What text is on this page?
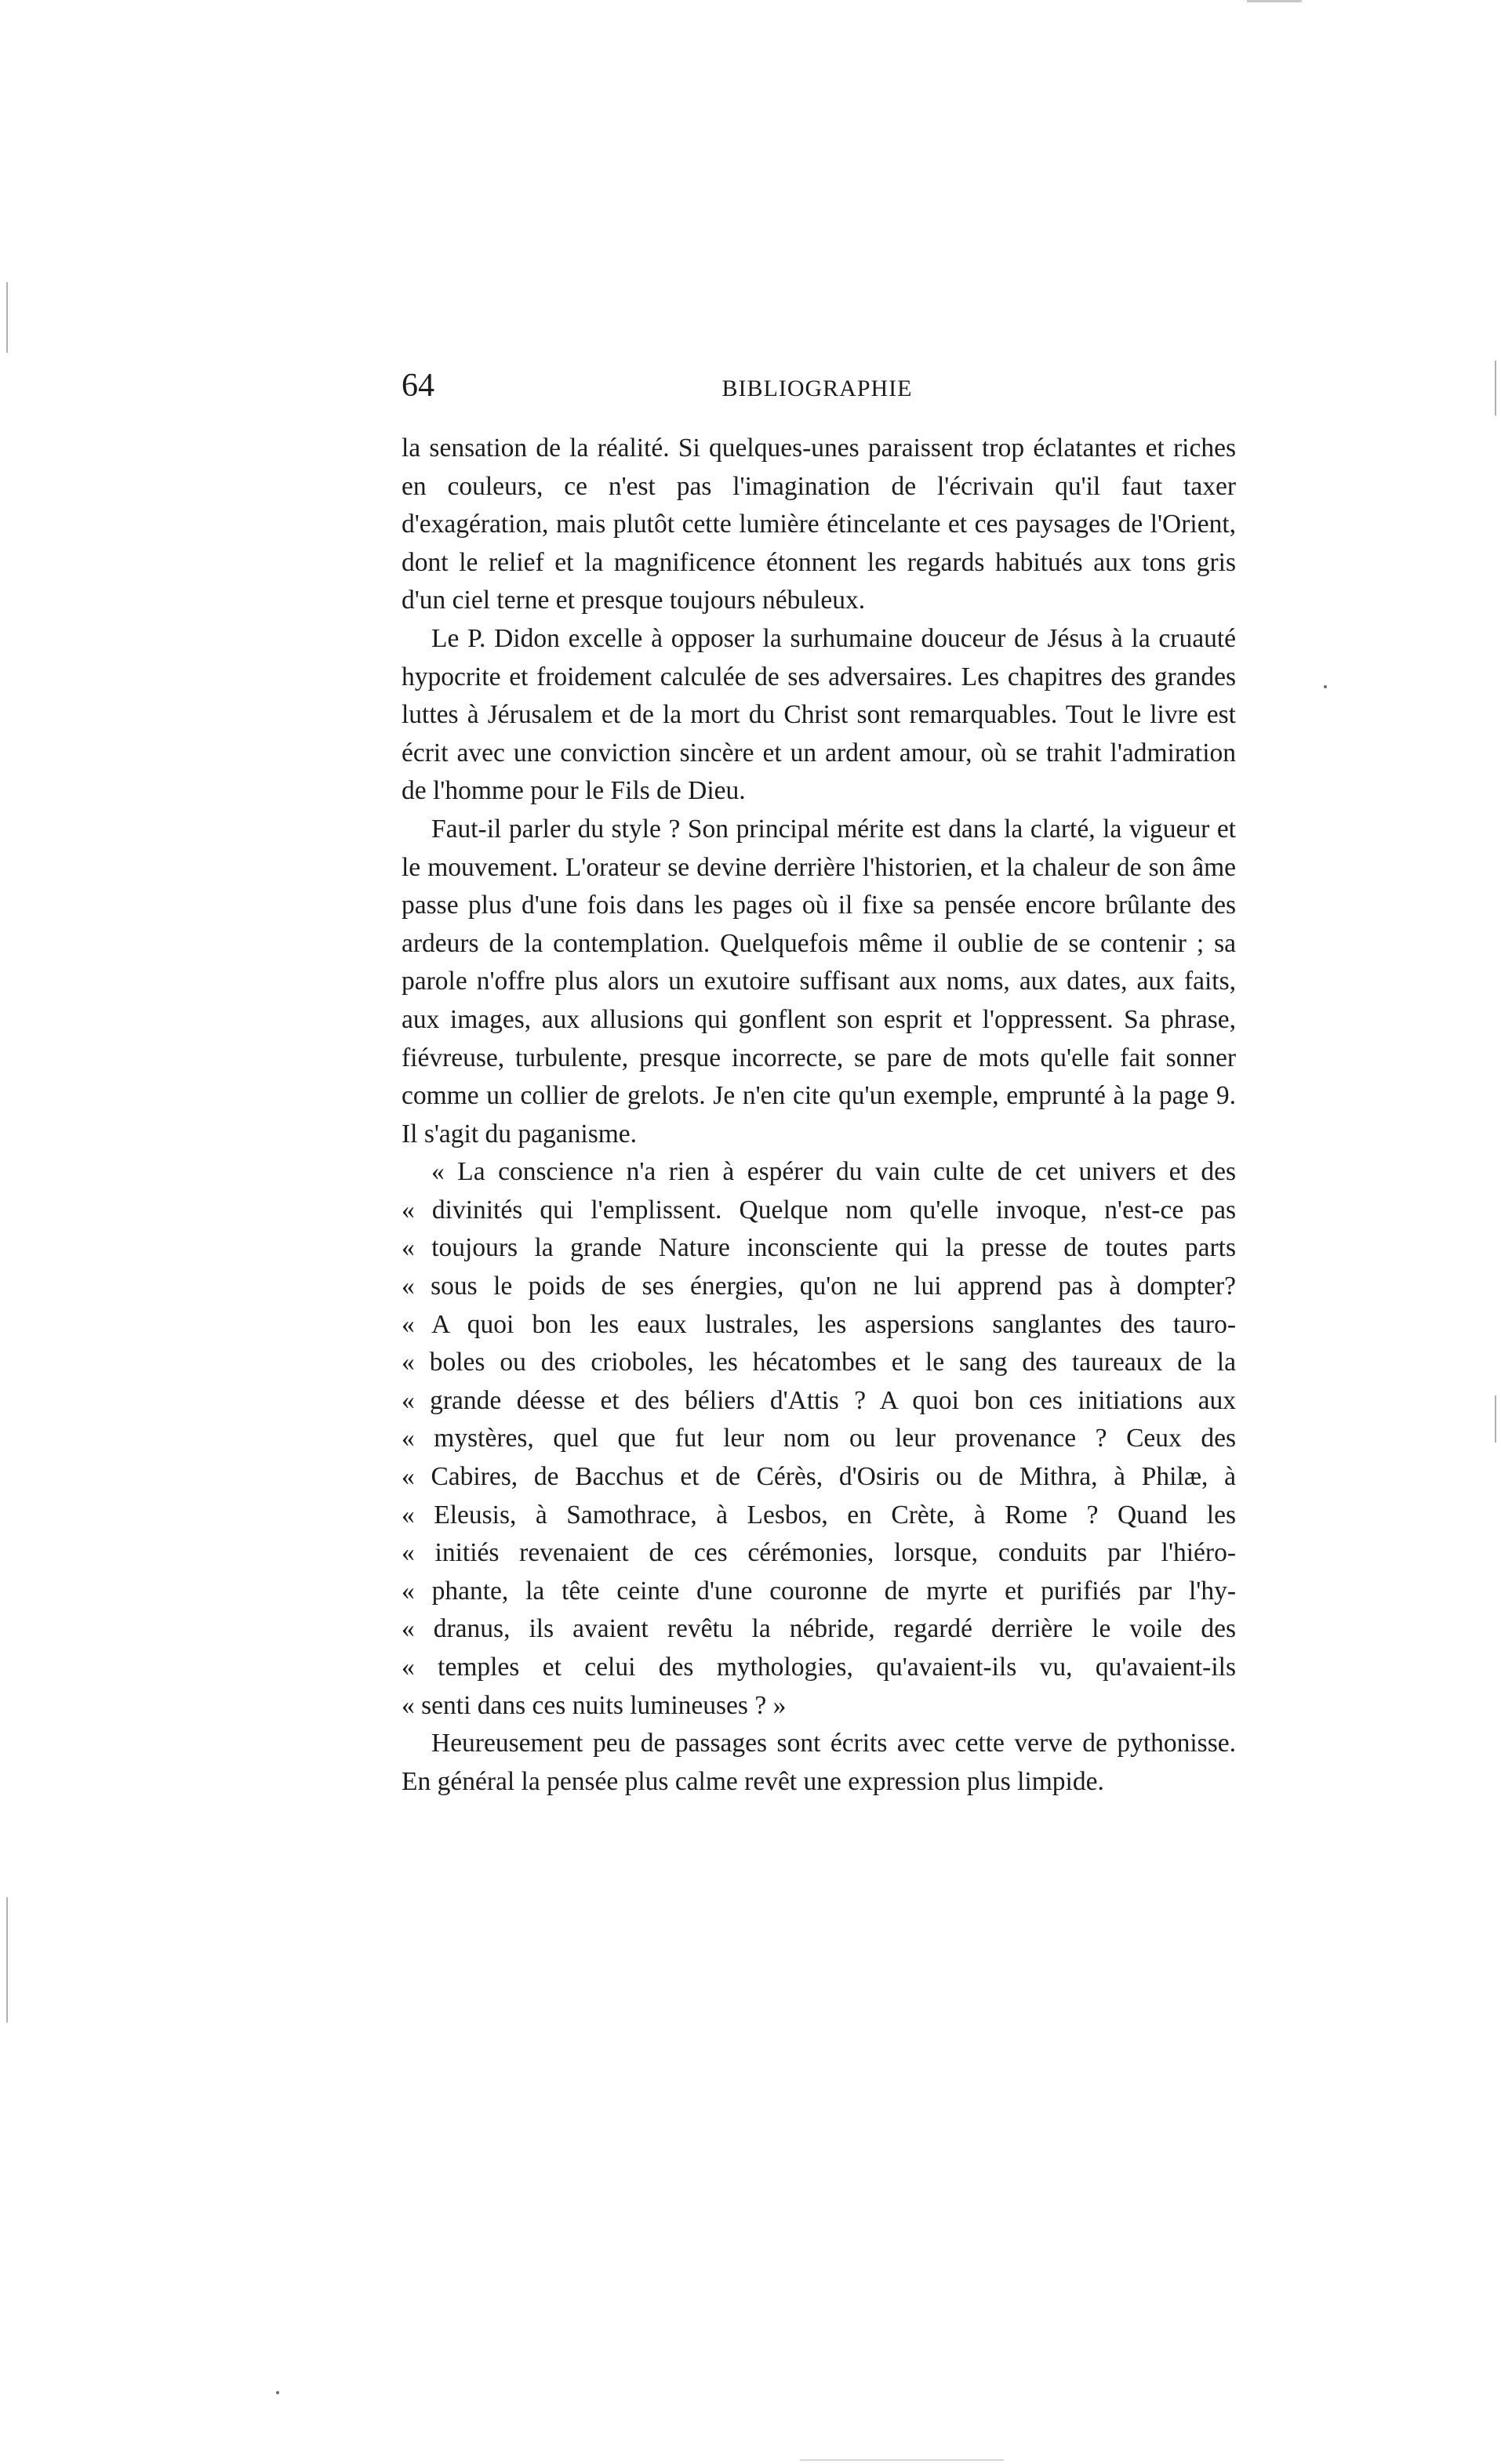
64	BIBLIOGRAPHIE

la sensation de la réalité. Si quelques-unes paraissent trop éclatantes et riches en couleurs, ce n'est pas l'imagination de l'écrivain qu'il faut taxer d'exagération, mais plutôt cette lumière étincelante et ces paysages de l'Orient, dont le relief et la magnificence étonnent les regards habitués aux tons gris d'un ciel terne et presque toujours nébuleux.

Le P. Didon excelle à opposer la surhumaine douceur de Jésus à la cruauté hypocrite et froidement calculée de ses adversaires. Les chapitres des grandes luttes à Jérusalem et de la mort du Christ sont remarquables. Tout le livre est écrit avec une conviction sincère et un ardent amour, où se trahit l'admiration de l'homme pour le Fils de Dieu.

Faut-il parler du style ? Son principal mérite est dans la clarté, la vigueur et le mouvement. L'orateur se devine derrière l'historien, et la chaleur de son âme passe plus d'une fois dans les pages où il fixe sa pensée encore brûlante des ardeurs de la contemplation. Quelquefois même il oublie de se contenir ; sa parole n'offre plus alors un exutoire suffisant aux noms, aux dates, aux faits, aux images, aux allusions qui gonflent son esprit et l'oppressent. Sa phrase, fiévreuse, turbulente, presque incorrecte, se pare de mots qu'elle fait sonner comme un collier de grelots. Je n'en cite qu'un exemple, emprunté à la page 9. Il s'agit du paganisme.

« La conscience n'a rien à espérer du vain culte de cet univers et des
« divinités qui l'emplissent. Quelque nom qu'elle invoque, n'est-ce pas
« toujours la grande Nature inconsciente qui la presse de toutes parts
« sous le poids de ses énergies, qu'on ne lui apprend pas à dompter?
« A quoi bon les eaux lustrales, les aspersions sanglantes des tauro-
« boles ou des crioboles, les hécatombes et le sang des taureaux de la
« grande déesse et des béliers d'Attis ? A quoi bon ces initiations aux
« mystères, quel que fut leur nom ou leur provenance ? Ceux des
« Cabires, de Bacchus et de Cérès, d'Osiris ou de Mithra, à Philæ, à
« Eleusis, à Samothrace, à Lesbos, en Crète, à Rome ? Quand les
« initiés revenaient de ces cérémonies, lorsque, conduits par l'hiéro-
« phante, la tête ceinte d'une couronne de myrte et purifiés par l'hy-
« dranus, ils avaient revêtu la nébride, regardé derrière le voile des
« temples et celui des mythologies, qu'avaient-ils vu, qu'avaient-ils
« senti dans ces nuits lumineuses ? »

Heureusement peu de passages sont écrits avec cette verve de pythonisse. En général la pensée plus calme revêt une expression plus limpide.
